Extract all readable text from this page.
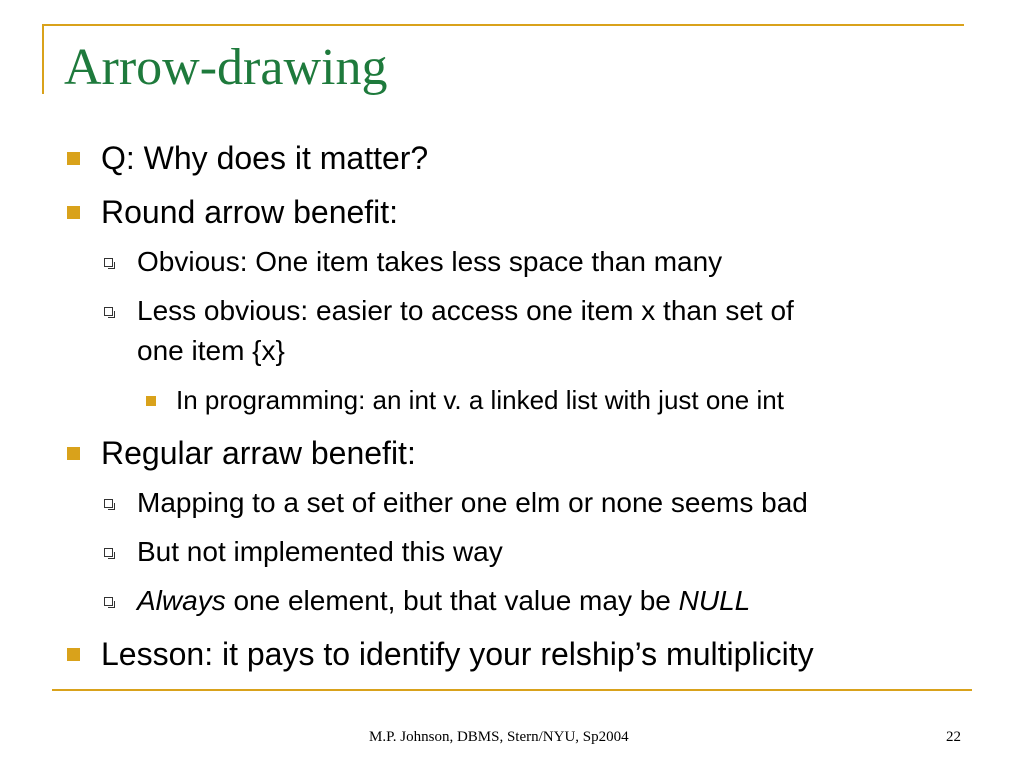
Arrow-drawing
Q: Why does it matter?
Round arrow benefit:
Obvious: One item takes less space than many
Less obvious: easier to access one item x than set of
one item {x}
In programming: an int v. a linked list with just one int
Regular arraw benefit:
Mapping to a set of either one elm or none seems bad
But not implemented this way
Always one element, but that value may be NULL
Lesson: it pays to identify your relship’s multiplicity
M.P. Johnson, DBMS, Stern/NYU, Sp2004	22
